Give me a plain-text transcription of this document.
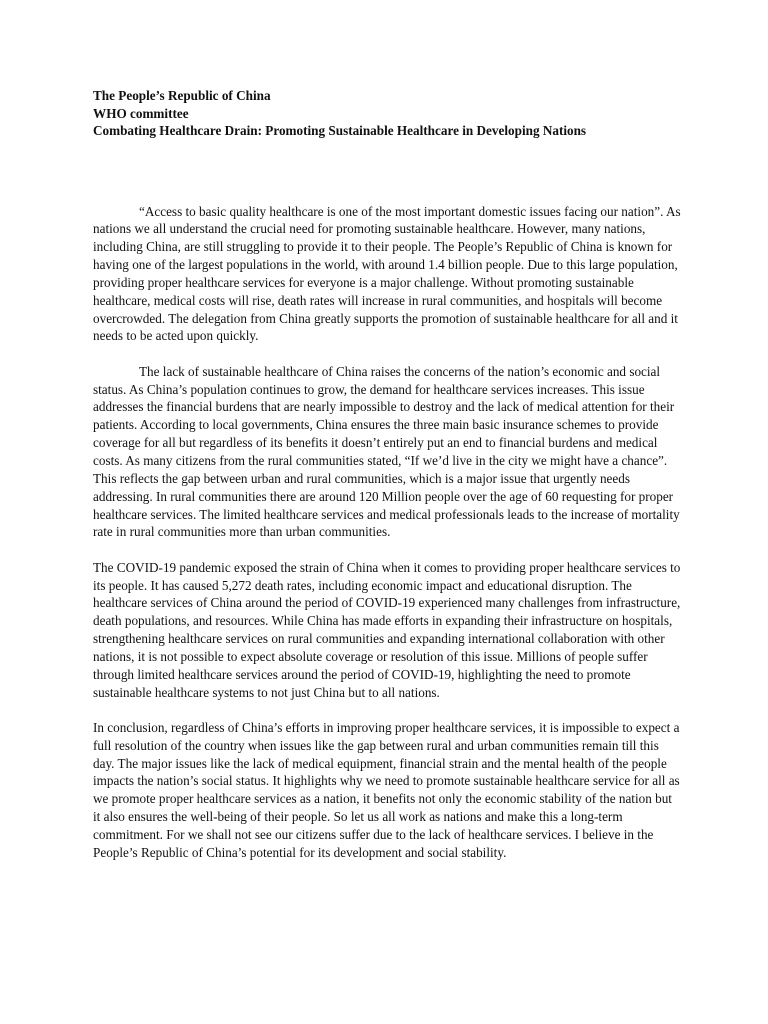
The People’s Republic of China

WHO committee

Combating Healthcare Drain: Promoting Sustainable Healthcare in Developing Nations

“Access to basic quality healthcare is one of the most important domestic issues facing our nation”. As nations we all understand the crucial need for promoting sustainable healthcare. However, many nations, including China, are still struggling to provide it to their people. The People’s Republic of China is known for having one of the largest populations in the world, with around 1.4 billion people. Due to this large population, providing proper healthcare services for everyone is a major challenge. Without promoting sustainable healthcare, medical costs will rise, death rates will increase in rural communities, and hospitals will become overcrowded. The delegation from China greatly supports the promotion of sustainable healthcare for all and it needs to be acted upon quickly.

The lack of sustainable healthcare of China raises the concerns of the nation’s economic and social status. As China’s population continues to grow, the demand for healthcare services increases. This issue addresses the financial burdens that are nearly impossible to destroy and the lack of medical attention for their patients. According to local governments, China ensures the three main basic insurance schemes to provide coverage for all but regardless of its benefits it doesn’t entirely put an end to financial burdens and medical costs. As many citizens from the rural communities stated, “If we’d live in the city we might have a chance”. This reflects the gap between urban and rural communities, which is a major issue that urgently needs addressing. In rural communities there are around 120 Million people over the age of 60 requesting for proper healthcare services. The limited healthcare services and medical professionals leads to the increase of mortality rate in rural communities more than urban communities.

The COVID-19 pandemic exposed the strain of China when it comes to providing proper healthcare services to its people. It has caused 5,272 death rates, including economic impact and educational disruption. The healthcare services of China around the period of COVID-19 experienced many challenges from infrastructure, death populations, and resources. While China has made efforts in expanding their infrastructure on hospitals, strengthening healthcare services on rural communities and expanding international collaboration with other nations, it is not possible to expect absolute coverage or resolution of this issue. Millions of people suffer through limited healthcare services around the period of COVID-19, highlighting the need to promote sustainable healthcare systems to not just China but to all nations.

In conclusion, regardless of China’s efforts in improving proper healthcare services, it is impossible to expect a full resolution of the country when issues like the gap between rural and urban communities remain till this day. The major issues like the lack of medical equipment, financial strain and the mental health of the people impacts the nation’s social status. It highlights why we need to promote sustainable healthcare service for all as we promote proper healthcare services as a nation, it benefits not only the economic stability of the nation but it also ensures the well-being of their people. So let us all work as nations and make this a long-term commitment. For we shall not see our citizens suffer due to the lack of healthcare services. I believe in the People’s Republic of China’s potential for its development and social stability.
